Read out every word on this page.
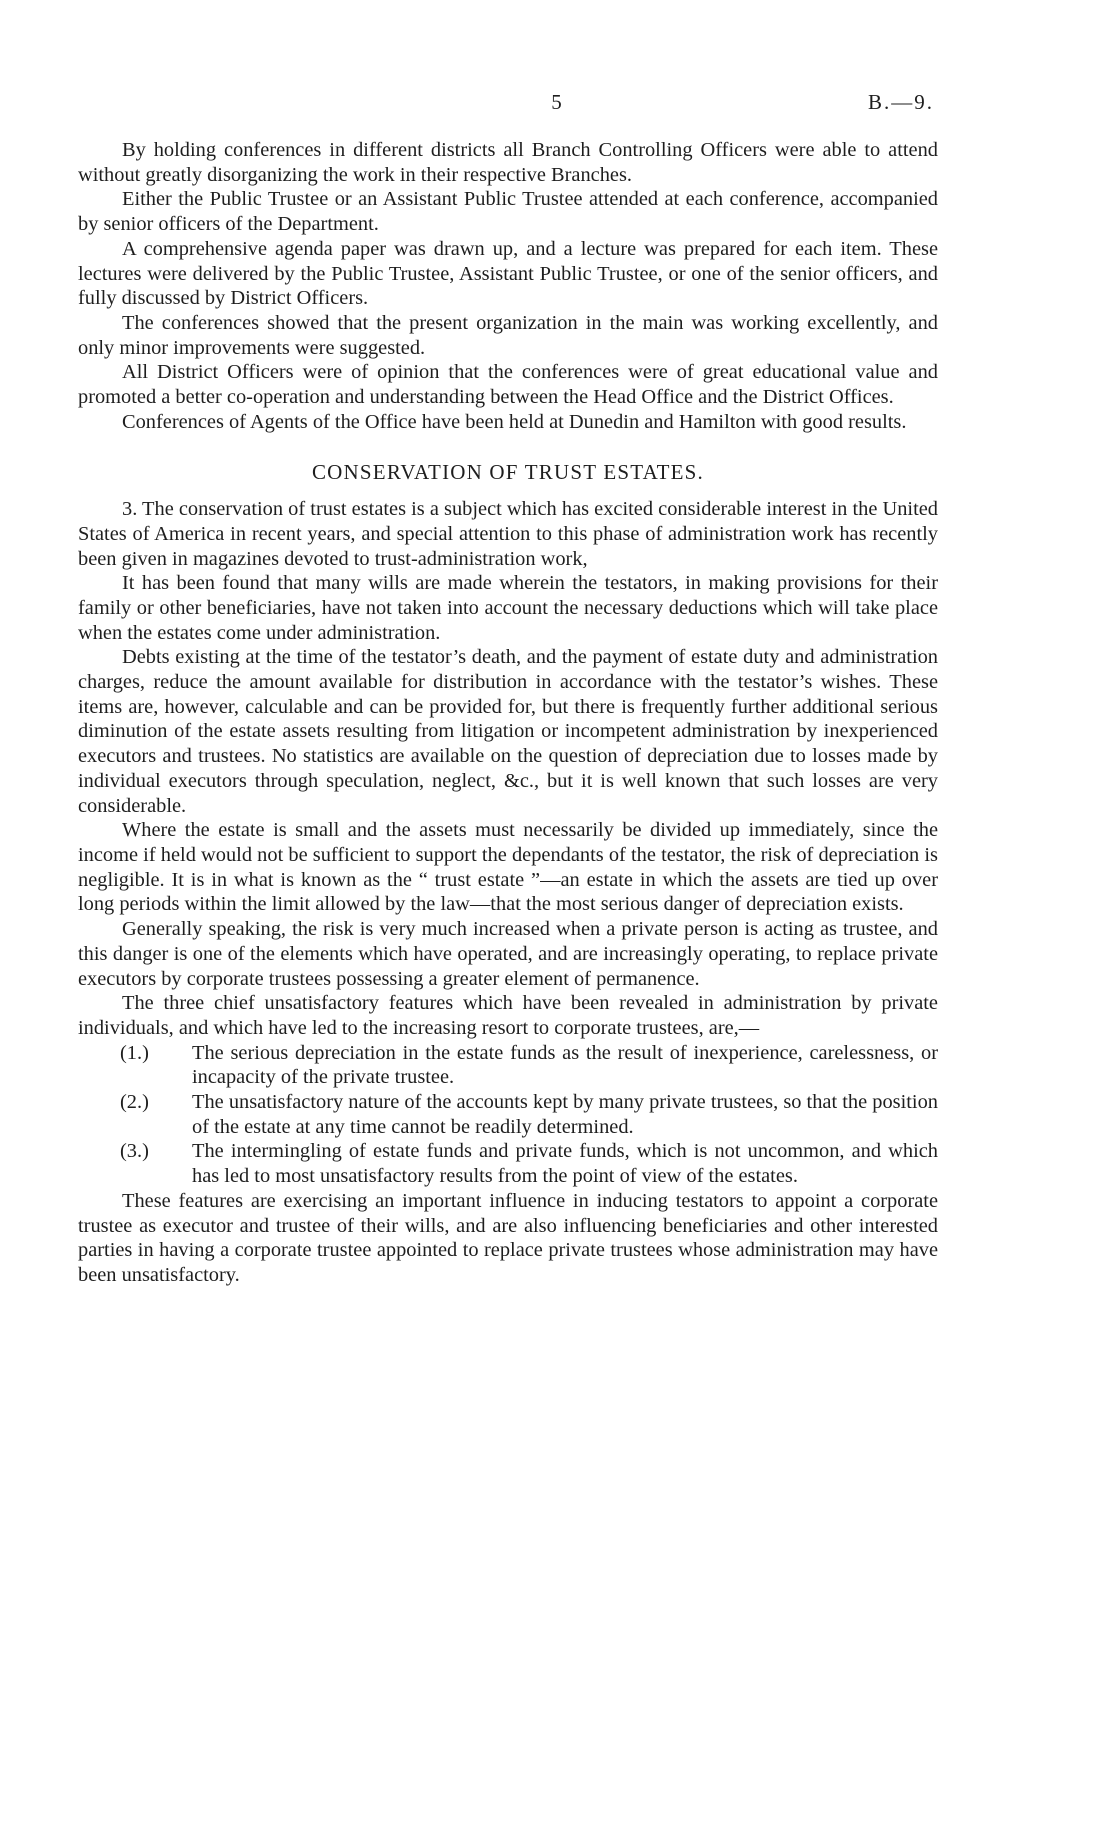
5	B.—9.

By holding conferences in different districts all Branch Controlling Officers were able to attend without greatly disorganizing the work in their respective Branches.

Either the Public Trustee or an Assistant Public Trustee attended at each conference, accompanied by senior officers of the Department.

A comprehensive agenda paper was drawn up, and a lecture was prepared for each item. These lectures were delivered by the Public Trustee, Assistant Public Trustee, or one of the senior officers, and fully discussed by District Officers.

The conferences showed that the present organization in the main was working excellently, and only minor improvements were suggested.

All District Officers were of opinion that the conferences were of great educational value and promoted a better co-operation and understanding between the Head Office and the District Offices.

Conferences of Agents of the Office have been held at Dunedin and Hamilton with good results.

CONSERVATION OF TRUST ESTATES.

3. The conservation of trust estates is a subject which has excited considerable interest in the United States of America in recent years, and special attention to this phase of administration work has recently been given in magazines devoted to trust-administration work,

It has been found that many wills are made wherein the testators, in making provisions for their family or other beneficiaries, have not taken into account the necessary deductions which will take place when the estates come under administration.

Debts existing at the time of the testator’s death, and the payment of estate duty and administration charges, reduce the amount available for distribution in accordance with the testator’s wishes. These items are, however, calculable and can be provided for, but there is frequently further additional serious diminution of the estate assets resulting from litigation or incompetent administration by inexperienced executors and trustees. No statistics are available on the question of depreciation due to losses made by individual executors through speculation, neglect, &c., but it is well known that such losses are very considerable.

Where the estate is small and the assets must necessarily be divided up immediately, since the income if held would not be sufficient to support the dependants of the testator, the risk of depreciation is negligible. It is in what is known as the “ trust estate ”—an estate in which the assets are tied up over long periods within the limit allowed by the law—that the most serious danger of depreciation exists.

Generally speaking, the risk is very much increased when a private person is acting as trustee, and this danger is one of the elements which have operated, and are increasingly operating, to replace private executors by corporate trustees possessing a greater element of permanence.

The three chief unsatisfactory features which have been revealed in administration by private individuals, and which have led to the increasing resort to corporate trustees, are,—

(1.) The serious depreciation in the estate funds as the result of inexperience, carelessness, or incapacity of the private trustee.
(2.) The unsatisfactory nature of the accounts kept by many private trustees, so that the position of the estate at any time cannot be readily determined.
(3.) The intermingling of estate funds and private funds, which is not uncommon, and which has led to most unsatisfactory results from the point of view of the estates.

These features are exercising an important influence in inducing testators to appoint a corporate trustee as executor and trustee of their wills, and are also influencing beneficiaries and other interested parties in having a corporate trustee appointed to replace private trustees whose administration may have been unsatisfactory.
